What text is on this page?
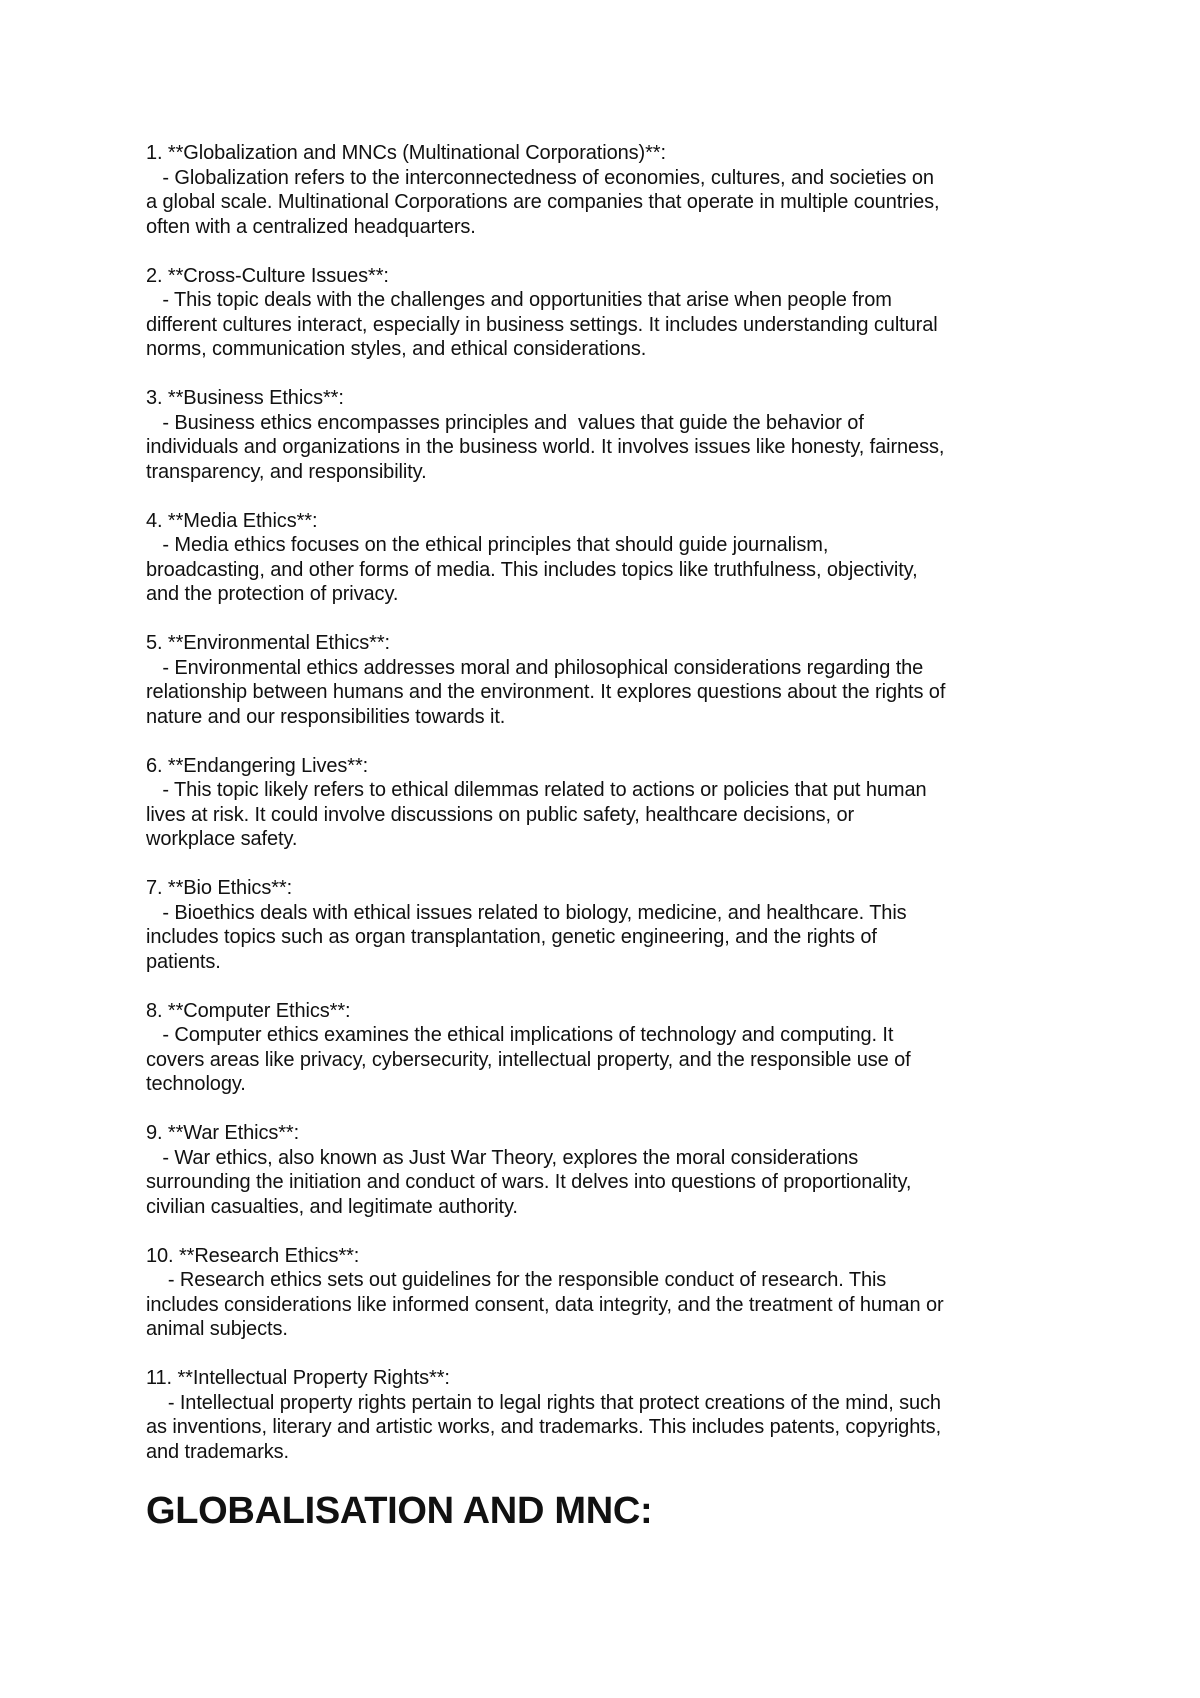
1. **Globalization and MNCs (Multinational Corporations)**:

- Globalization refers to the interconnectedness of economies, cultures, and societies on
a global scale. Multinational Corporations are companies that operate in multiple countries,
often with a centralized headquarters.

2. **Cross-Culture Issues**:

- This topic deals with the challenges and opportunities that arise when people from
different cultures interact, especially in business settings. It includes understanding cultural
norms, communication styles, and ethical considerations.

3. **Business Ethics**:

- Business ethics encompasses principles and  values that guide the behavior of
individuals and organizations in the business world. It involves issues like honesty, fairness,
transparency, and responsibility.

4. **Media Ethics**:

- Media ethics focuses on the ethical principles that should guide journalism,
broadcasting, and other forms of media. This includes topics like truthfulness, objectivity,
and the protection of privacy.

5. **Environmental Ethics**:

- Environmental ethics addresses moral and philosophical considerations regarding the
relationship between humans and the environment. It explores questions about the rights of
nature and our responsibilities towards it.

6. **Endangering Lives**:

- This topic likely refers to ethical dilemmas related to actions or policies that put human
lives at risk. It could involve discussions on public safety, healthcare decisions, or
workplace safety.

7. **Bio Ethics**:

- Bioethics deals with ethical issues related to biology, medicine, and healthcare. This
includes topics such as organ transplantation, genetic engineering, and the rights of
patients.

8. **Computer Ethics**:

- Computer ethics examines the ethical implications of technology and computing. It
covers areas like privacy, cybersecurity, intellectual property, and the responsible use of
technology.

9. **War Ethics**:

- War ethics, also known as Just War Theory, explores the moral considerations
surrounding the initiation and conduct of wars. It delves into questions of proportionality,
civilian casualties, and legitimate authority.

10. **Research Ethics**:

- Research ethics sets out guidelines for the responsible conduct of research. This
includes considerations like informed consent, data integrity, and the treatment of human or
animal subjects.

11. **Intellectual Property Rights**:

- Intellectual property rights pertain to legal rights that protect creations of the mind, such
as inventions, literary and artistic works, and trademarks. This includes patents, copyrights,
and trademarks.

GLOBALISATION AND MNC:
